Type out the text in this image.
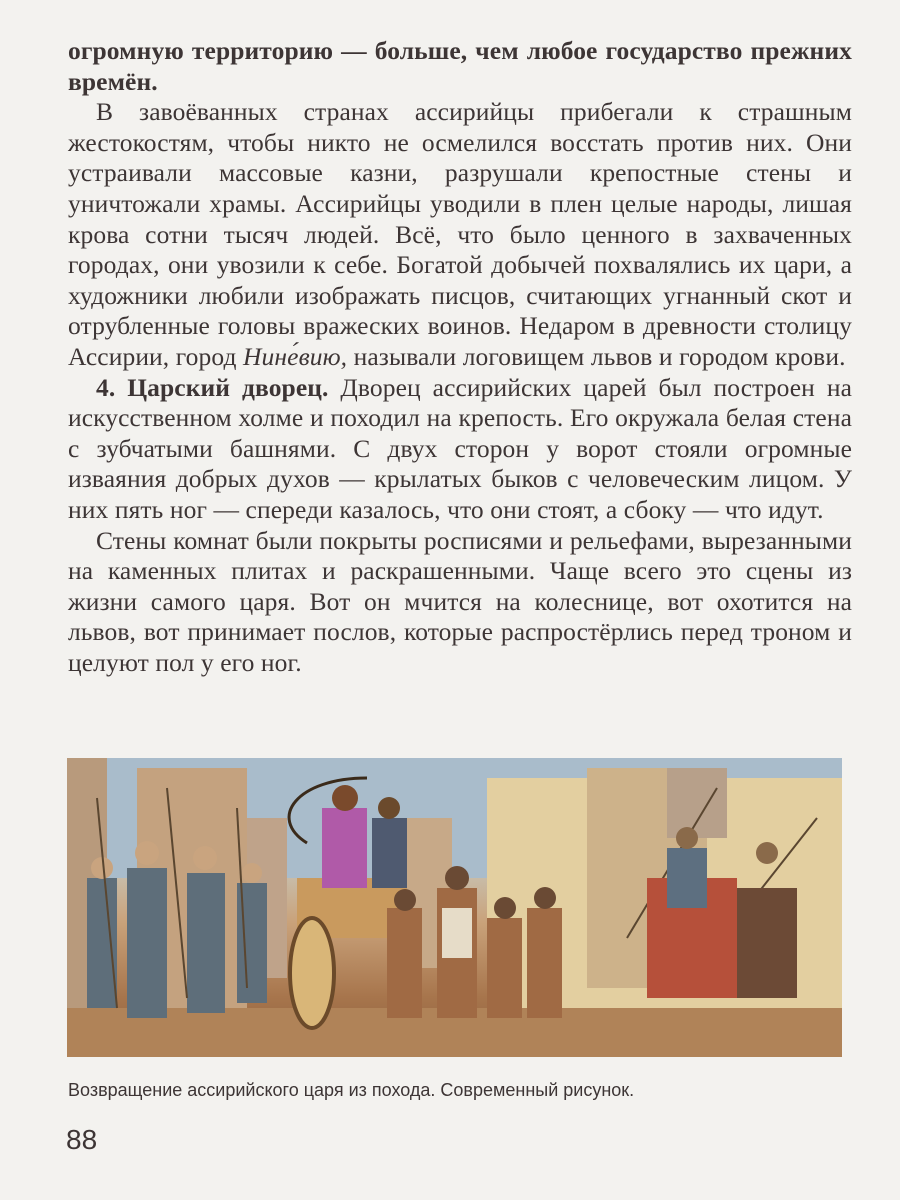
огромную территорию — больше, чем любое государство прежних времён.

В завоёванных странах ассирийцы прибегали к страшным жестокостям, чтобы никто не осмелился восстать против них. Они устраивали массовые казни, разрушали крепостные стены и уничтожали храмы. Ассирийцы уводили в плен целые народы, лишая крова сотни тысяч людей. Всё, что было ценного в захваченных городах, они увозили к себе. Богатой добычей похвалялись их цари, а художники любили изображать писцов, считающих угнанный скот и отрубленные головы вражеских воинов. Недаром в древности столицу Ассирии, город Нине́вию, называли логовищем львов и городом крови.

4. Царский дворец. Дворец ассирийских царей был построен на искусственном холме и походил на крепость. Его окружала белая стена с зубчатыми башнями. С двух сторон у ворот стояли огромные изваяния добрых духов — крылатых быков с человеческим лицом. У них пять ног — спереди казалось, что они стоят, а сбоку — что идут.

Стены комнат были покрыты росписями и рельефами, вырезанными на каменных плитах и раскрашенными. Чаще всего это сцены из жизни самого царя. Вот он мчится на колеснице, вот охотится на львов, вот принимает послов, которые распростёрлись перед троном и целуют пол у его ног.

Возвращение ассирийского царя из похода. Современный рисунок.
88
